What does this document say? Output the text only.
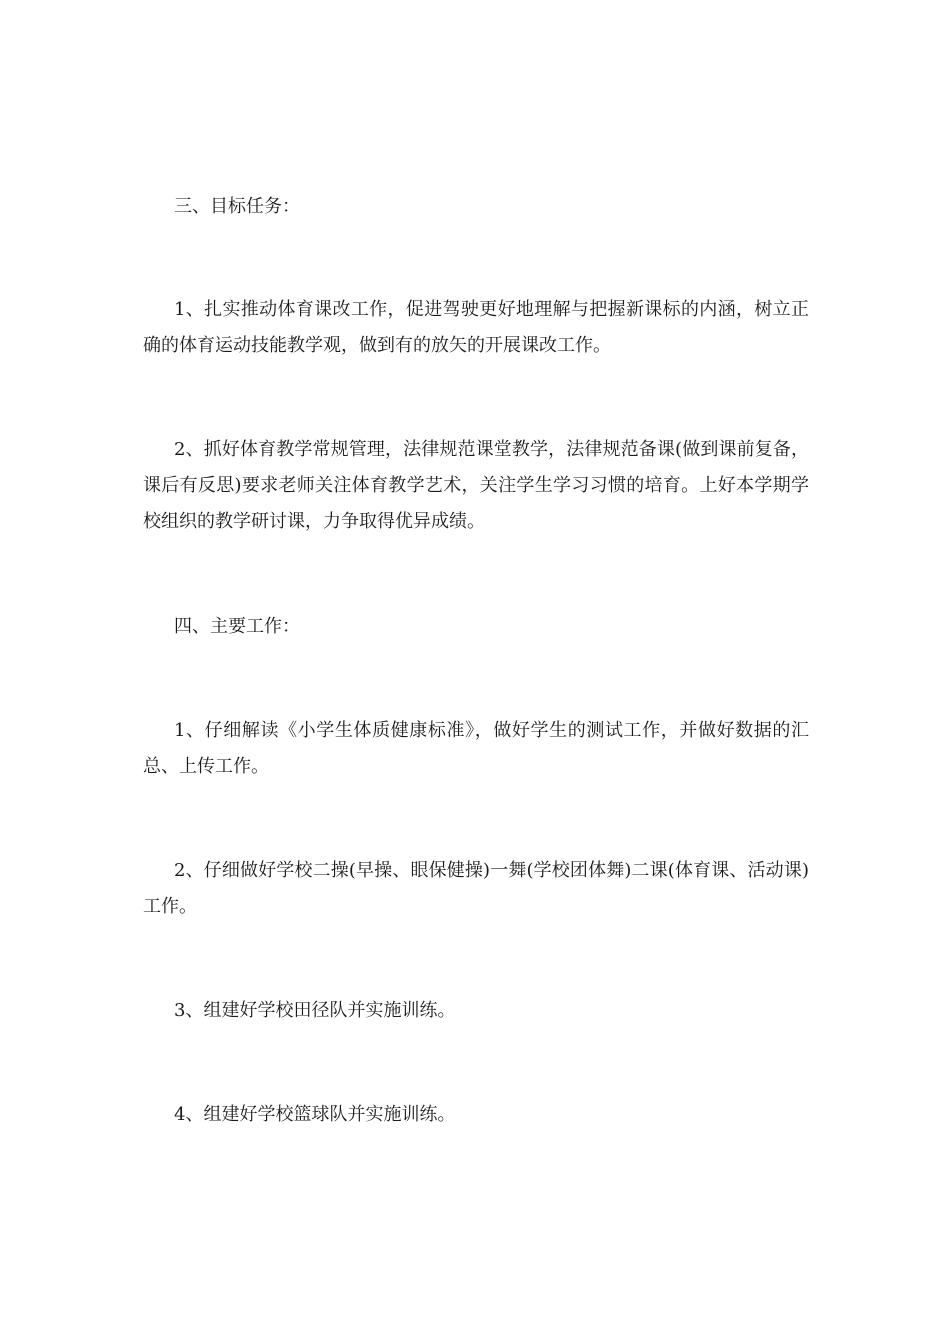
三、目标任务：

1、扎实推动体育课改工作，促进驾驶更好地理解与把握新课标的内涵，树立正确的体育运动技能教学观，做到有的放矢的开展课改工作。

2、抓好体育教学常规管理，法律规范课堂教学，法律规范备课(做到课前复备，课后有反思)要求老师关注体育教学艺术，关注学生学习习惯的培育。上好本学期学校组织的教学研讨课，力争取得优异成绩。

四、主要工作：

1、仔细解读《小学生体质健康标准》，做好学生的测试工作，并做好数据的汇总、上传工作。

2、仔细做好学校二操(早操、眼保健操)一舞(学校团体舞)二课(体育课、活动课)工作。

3、组建好学校田径队并实施训练。

4、组建好学校篮球队并实施训练。
